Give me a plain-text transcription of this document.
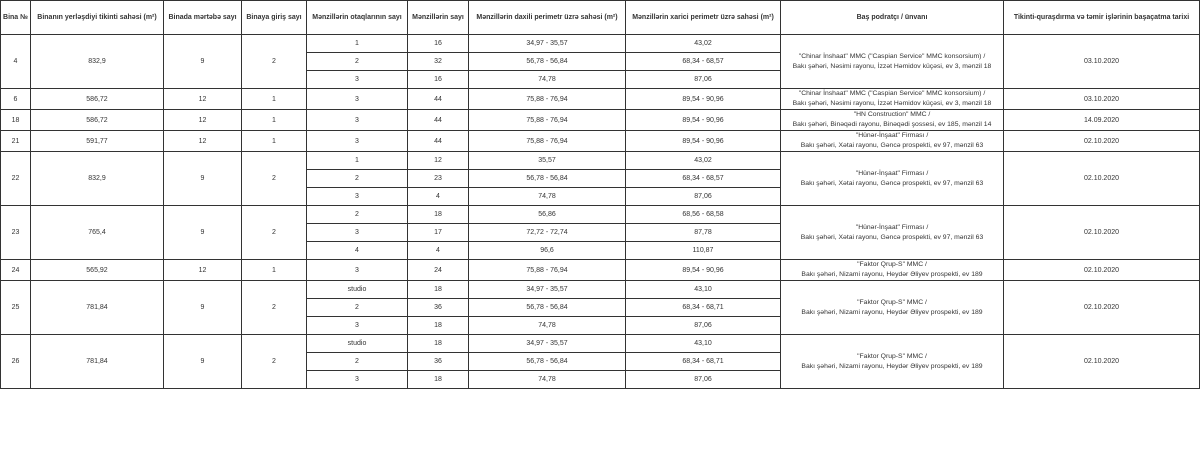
Bina №	Binanın yerləşdiyi tikinti sahəsi (m²)	Binada mərtəbə sayı	Binaya giriş sayı	Mənzillərin otaqlarının sayı	Mənzillərin sayı	Mənzillərin daxili perimetr üzrə sahəsi (m²)	Mənzillərin xarici perimetr üzrə sahəsi (m²)	Baş podratçı / ünvanı	Tikinti-quraşdırma və təmir işlərinin başaçatma tarixi
4	832,9	9	2	1	16	34,97 - 35,57	43,02	"Chinar İnshaat" MMC ("Caspian Service" MMC konsorsium) /
Bakı şəhəri, Nəsimi rayonu, İzzət Həmidov küçəsi, ev 3, mənzil 18	03.10.2020
				2	32	56,78 - 56,84	68,34 - 68,57		
				3	16	74,78	87,06		
6	586,72	12	1	3	44	75,88 - 76,94	89,54 - 90,96	"Chinar İnshaat" MMC ("Caspian Service" MMC konsorsium) /
Bakı şəhəri, Nəsimi rayonu, İzzət Həmidov küçəsi, ev 3, mənzil 18	03.10.2020
18	586,72	12	1	3	44	75,88 - 76,94	89,54 - 90,96	"HN Construction" MMC /
Bakı şəhəri, Binəqədi rayonu, Binəqədi şossesi, ev 185, mənzil 14	14.09.2020
21	591,77	12	1	3	44	75,88 - 76,94	89,54 - 90,96	"Hünər-İnşaat" Firması /
Bakı şəhəri, Xətai rayonu, Gəncə prospekti, ev 97, mənzil 63	02.10.2020
22	832,9	9	2	1	12	35,57	43,02	"Hünər-İnşaat" Firması /
Bakı şəhəri, Xətai rayonu, Gəncə prospekti, ev 97, mənzil 63	02.10.2020
				2	23	56,78 - 56,84	68,34 - 68,57		
				3	4	74,78	87,06		
23	765,4	9	2	2	18	56,86	68,56 - 68,58	"Hünər-İnşaat" Firması /
Bakı şəhəri, Xətai rayonu, Gəncə prospekti, ev 97, mənzil 63	02.10.2020
				3	17	72,72 - 72,74	87,78		
				4	4	96,6	110,87		
24	565,92	12	1	3	24	75,88 - 76,94	89,54 - 90,96	"Faktor Qrup-S" MMC /
Bakı şəhəri, Nizami rayonu, Heydər Əliyev prospekti, ev 189	02.10.2020
25	781,84	9	2	studio	18	34,97 - 35,57	43,10	"Faktor Qrup-S" MMC /
Bakı şəhəri, Nizami rayonu, Heydər Əliyev prospekti, ev 189	02.10.2020
				2	36	56,78 - 56,84	68,34 - 68,71		
				3	18	74,78	87,06		
26	781,84	9	2	studio	18	34,97 - 35,57	43,10	"Faktor Qrup-S" MMC /
Bakı şəhəri, Nizami rayonu, Heydər Əliyev prospekti, ev 189	02.10.2020
				2	36	56,78 - 56,84	68,34 - 68,71		
				3	18	74,78	87,06		
